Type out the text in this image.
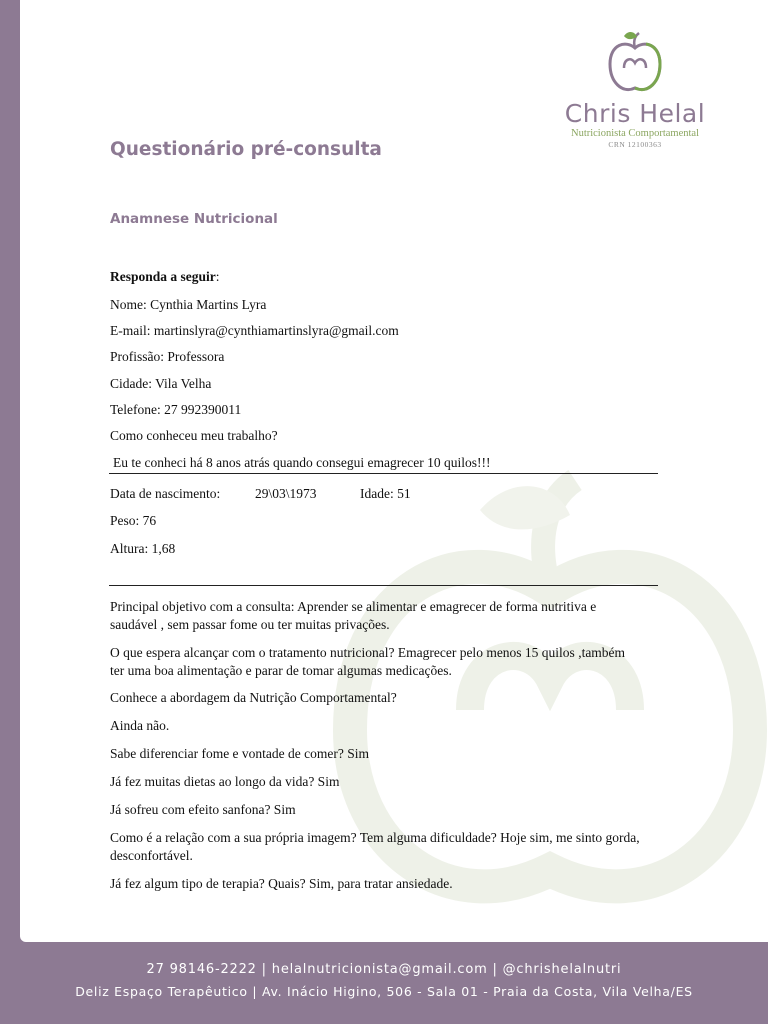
Chris Helal
Nutricionista Comportamental
CRN 12100363
Questionário pré-consulta
Anamnese Nutricional

Responda a seguir:

Nome: Cynthia Martins Lyra

E-mail: martinslyra@cynthiamartinslyra@gmail.com

Profissão: Professora

Cidade: Vila Velha

Telefone: 27 992390011

Como conheceu meu trabalho?

Eu te conheci há 8 anos atrás quando consegui emagrecer 10 quilos!!!

Data de nascimento:	29\03\1973	Idade: 51

Peso: 76

Altura: 1,68

Principal objetivo com a consulta: Aprender se alimentar e emagrecer de forma nutritiva e saudável , sem passar fome ou ter muitas privações.

O que espera alcançar com o tratamento nutricional? Emagrecer pelo menos 15 quilos ,também ter uma boa alimentação e parar de tomar algumas medicações.

Conhece a abordagem da Nutrição Comportamental?

Ainda não.

Sabe diferenciar fome e vontade de comer? Sim

Já fez muitas dietas ao longo da vida? Sim

Já sofreu com efeito sanfona? Sim

Como é a relação com a sua própria imagem? Tem alguma dificuldade? Hoje sim, me sinto gorda, desconfortável.

Já fez algum tipo de terapia? Quais? Sim, para tratar ansiedade.

27 98146-2222 | helalnutricionista@gmail.com | @chrishelalnutri

Deliz Espaço Terapêutico | Av. Inácio Higino, 506 - Sala 01 - Praia da Costa, Vila Velha/ES
